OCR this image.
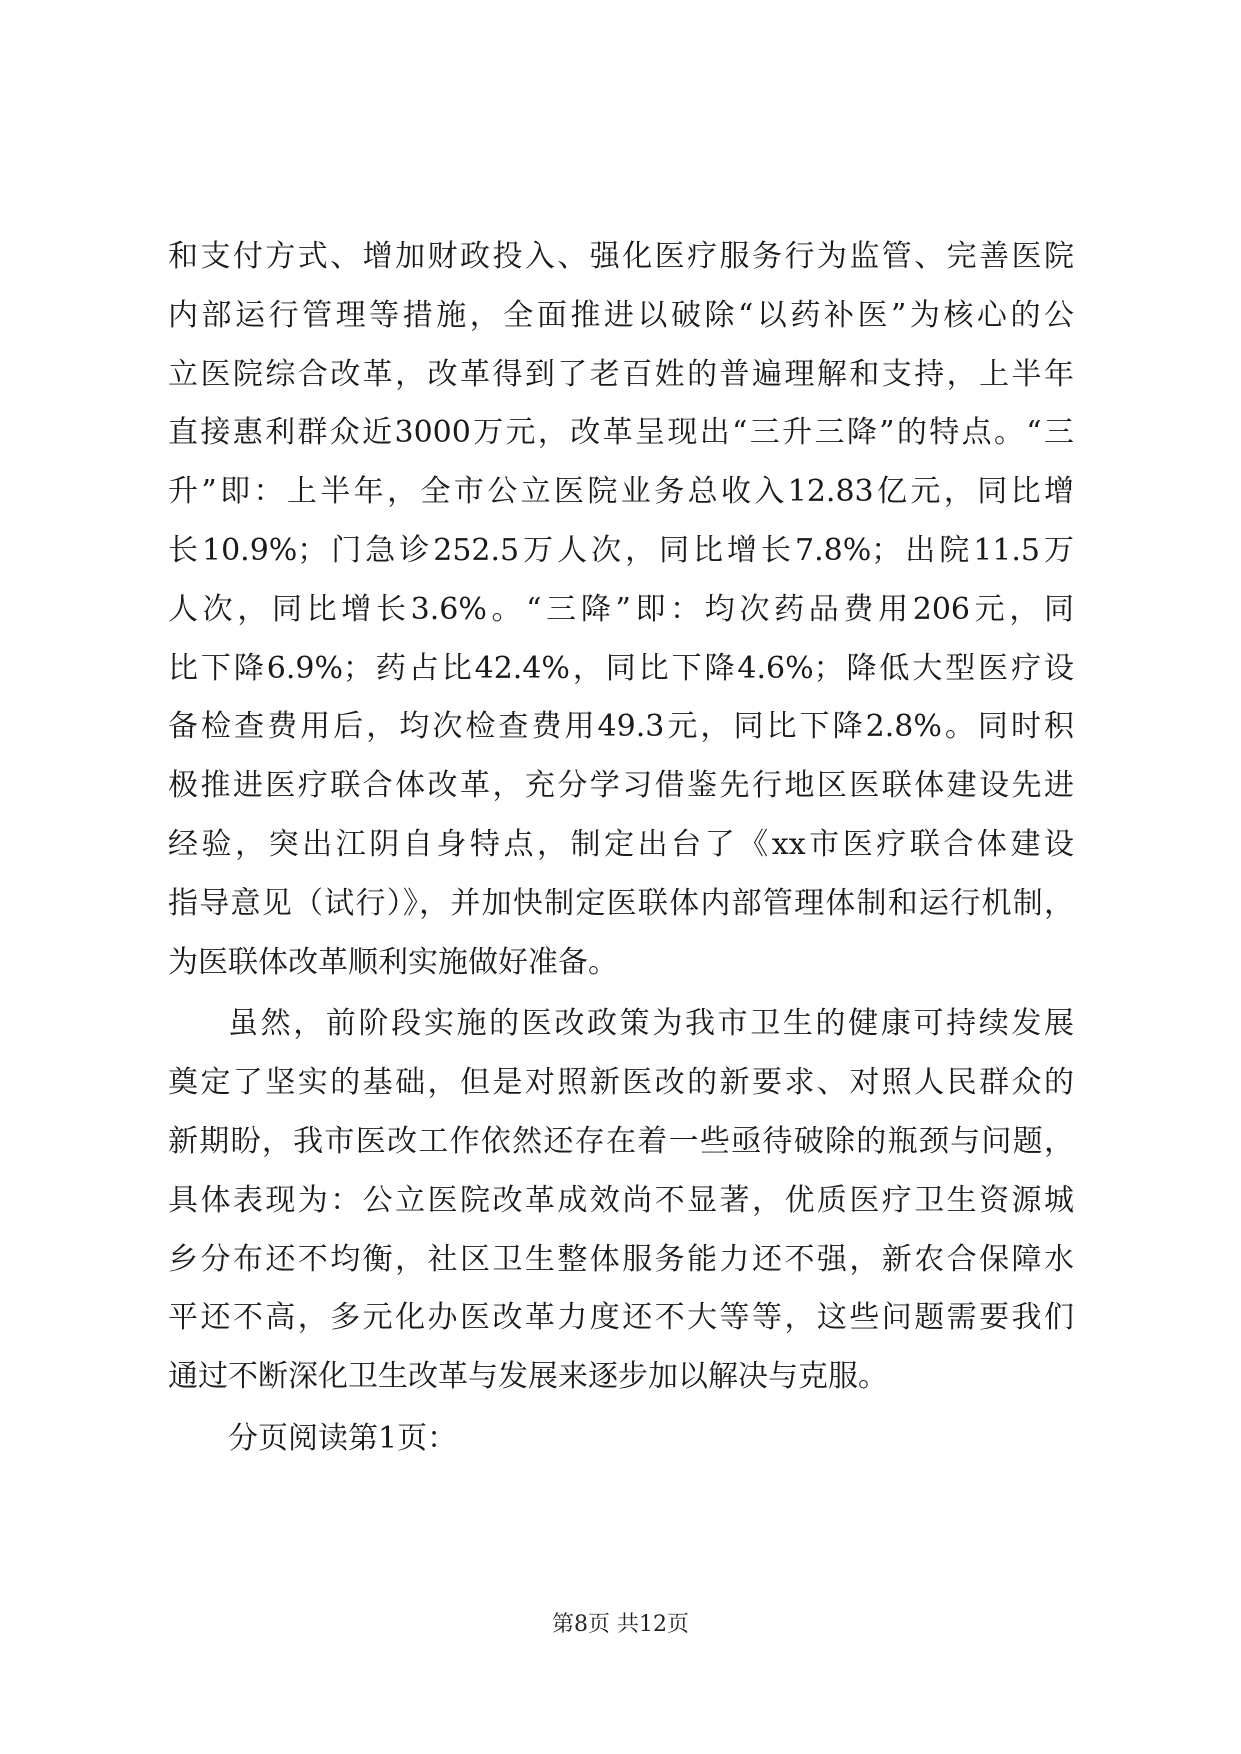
和支付方式、增加财政投入、强化医疗服务行为监管、完善医院
内部运行管理等措施，全面推进以破除“以药补医”为核心的公
立医院综合改革，改革得到了老百姓的普遍理解和支持，上半年
直接惠利群众近3000万元，改革呈现出“三升三降”的特点。“三
升”即：上半年，全市公立医院业务总收入12.83亿元，同比增
长10.9%；门急诊252.5万人次，同比增长7.8%；出院11.5万
人次，同比增长3.6%。“三降”即：均次药品费用206元，同
比下降6.9%；药占比42.4%，同比下降4.6%；降低大型医疗设
备检查费用后，均次检查费用49.3元，同比下降2.8%。同时积
极推进医疗联合体改革，充分学习借鉴先行地区医联体建设先进
经验，突出江阴自身特点，制定出台了《xx市医疗联合体建设
指导意见（试行）》，并加快制定医联体内部管理体制和运行机制，
为医联体改革顺利实施做好准备。
虽然，前阶段实施的医改政策为我市卫生的健康可持续发展
奠定了坚实的基础，但是对照新医改的新要求、对照人民群众的
新期盼，我市医改工作依然还存在着一些亟待破除的瓶颈与问题，
具体表现为：公立医院改革成效尚不显著，优质医疗卫生资源城
乡分布还不均衡，社区卫生整体服务能力还不强，新农合保障水
平还不高，多元化办医改革力度还不大等等，这些问题需要我们
通过不断深化卫生改革与发展来逐步加以解决与克服。
分页阅读第1页：
第8页 共12页
